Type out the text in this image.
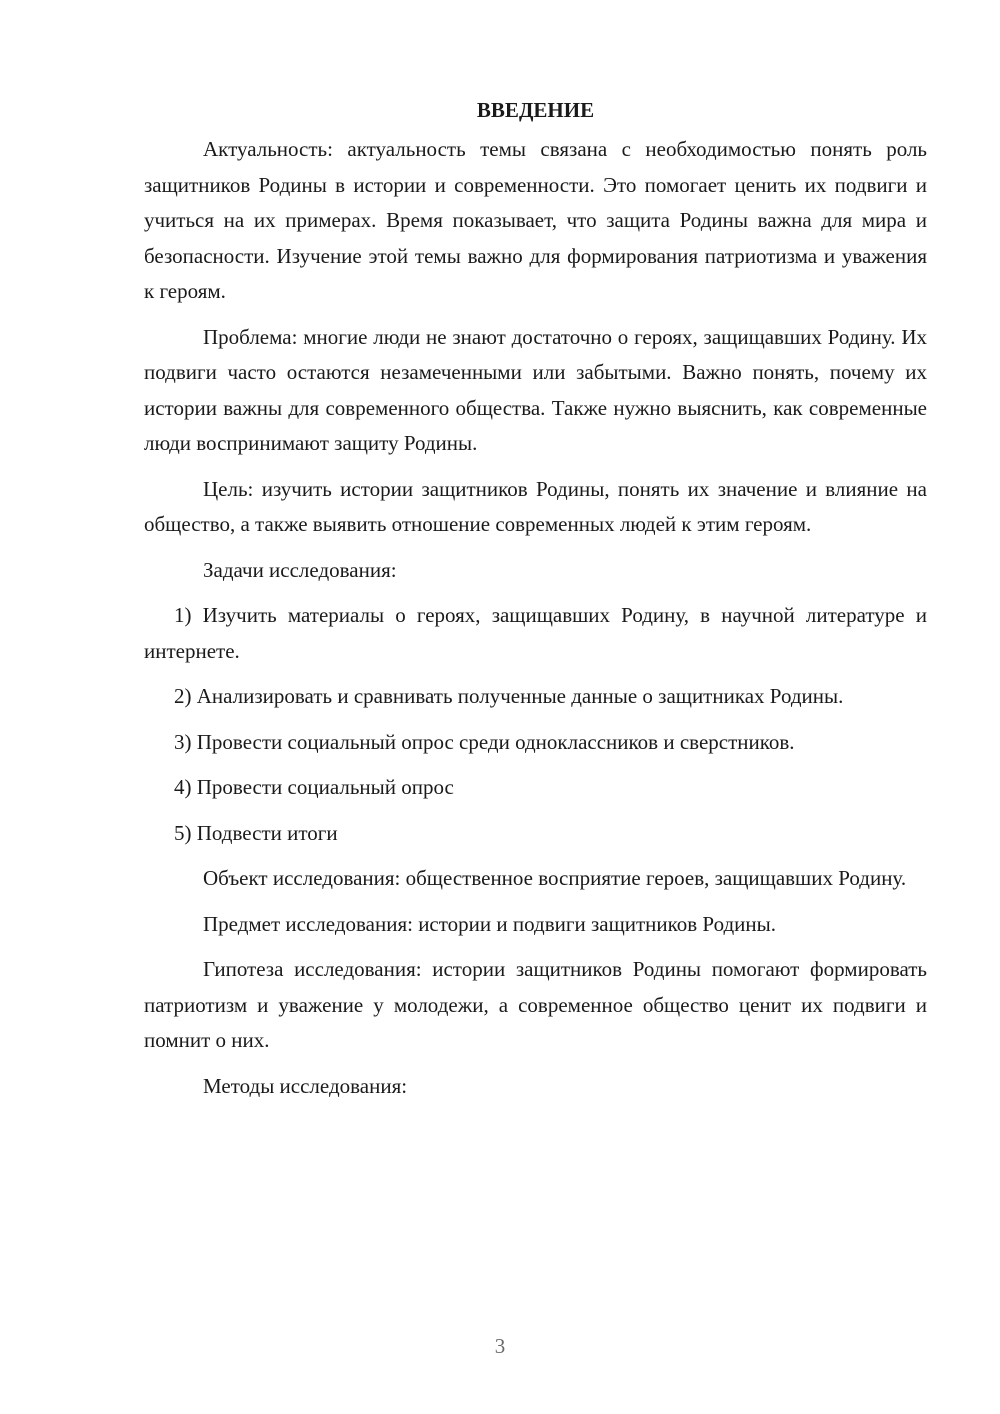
ВВЕДЕНИЕ

Актуальность: актуальность темы связана с необходимостью понять роль защитников Родины в истории и современности. Это помогает ценить их подвиги и учиться на их примерах. Время показывает, что защита Родины важна для мира и безопасности. Изучение этой темы важно для формирования патриотизма и уважения к героям.

Проблема: многие люди не знают достаточно о героях, защищавших Родину. Их подвиги часто остаются незамеченными или забытыми. Важно понять, почему их истории важны для современного общества. Также нужно выяснить, как современные люди воспринимают защиту Родины.

Цель: изучить истории защитников Родины, понять их значение и влияние на общество, а также выявить отношение современных людей к этим героям.

Задачи исследования:

1) Изучить материалы о героях, защищавших Родину, в научной литературе и интернете.

2) Анализировать и сравнивать полученные данные о защитниках Родины.

3) Провести социальный опрос среди одноклассников и сверстников.

4) Провести социальный опрос

5) Подвести итоги

Объект исследования: общественное восприятие героев, защищавших Родину.

Предмет исследования: истории и подвиги защитников Родины.

Гипотеза исследования: истории защитников Родины помогают формировать патриотизм и уважение у молодежи, а современное общество ценит их подвиги и помнит о них.

Методы исследования:

3
